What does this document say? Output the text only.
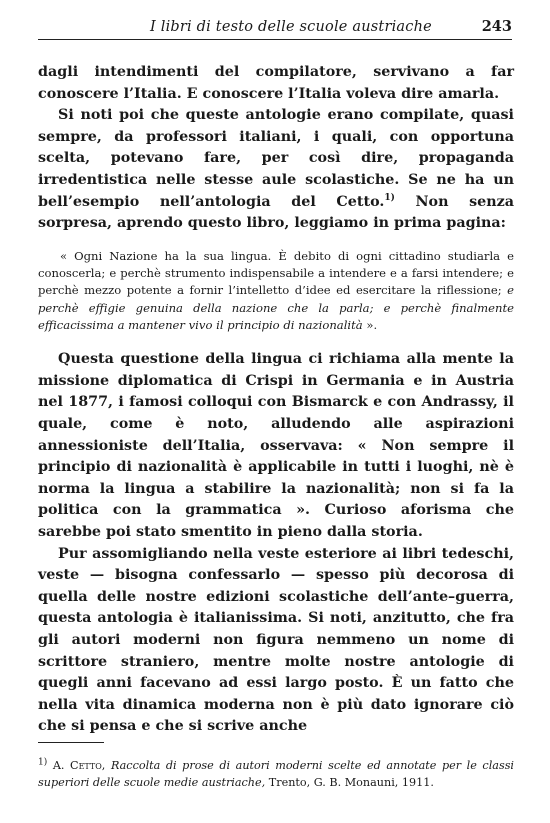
I libri di testo delle scuole austriache	243

dagli intendimenti del compilatore, servivano a far conoscere l’Italia. E conoscere l’Italia voleva dire amarla.

Si noti poi che queste antologie erano compilate, quasi sempre, da professori italiani, i quali, con opportuna scelta, potevano fare, per così dire, propaganda irredentistica nelle stesse aule scolastiche. Se ne ha un bell’esempio nell’antologia del Cetto.$^{1)}$ Non senza sorpresa, aprendo questo libro, leggiamo in prima pagina:

« Ogni Nazione ha la sua lingua. È debito di ogni cittadino studiarla e conoscerla; e perchè strumento indispensabile a intendere e a farsi intendere; e perchè mezzo potente a fornir l’intelletto d’idee ed esercitare la riflessione; e perchè effigie genuina della nazione che la parla; e perchè finalmente efficacissima a mantener vivo il principio di nazionalità ».

Questa questione della lingua ci richiama alla mente la missione diplomatica di Crispi in Germania e in Austria nel 1877, i famosi colloqui con Bismarck e con Andrassy, il quale, come è noto, alludendo alle aspirazioni annessioniste dell’Italia, osservava: « Non sempre il principio di nazionalità è applicabile in tutti i luoghi, nè è norma la lingua a stabilire la nazionalità; non si fa la politica con la grammatica ». Curioso aforisma che sarebbe poi stato smentito in pieno dalla storia.

Pur assomigliando nella veste esteriore ai libri tedeschi, veste — bisogna confessarlo — spesso più decorosa di quella delle nostre edizioni scolastiche dell’ante–guerra, questa antologia è italianissima. Si noti, anzitutto, che fra gli autori moderni non figura nemmeno un nome di scrittore straniero, mentre molte nostre antologie di quegli anni facevano ad essi largo posto. È un fatto che nella vita dinamica moderna non è più dato ignorare ciò che si pensa e che si scrive anche

$^{1)}$ A. Cetto, Raccolta di prose di autori moderni scelte ed annotate per le classi superiori delle scuole medie austriache, Trento, G. B. Monauni, 1911.
